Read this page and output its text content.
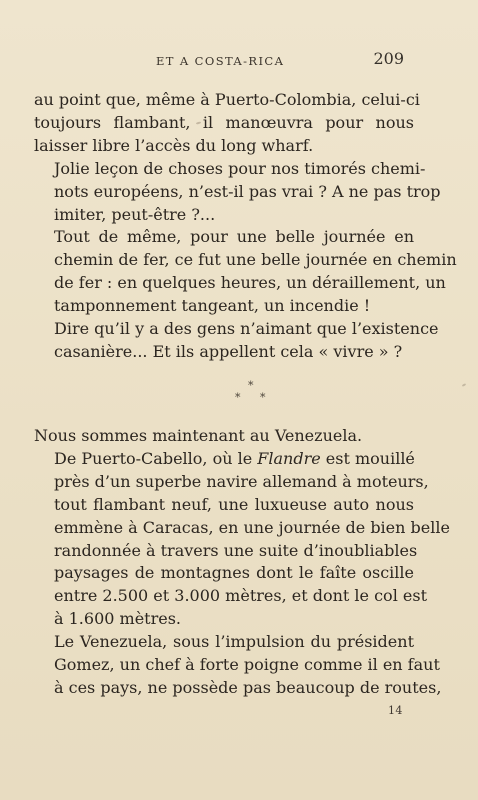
ET A COSTA-RICA	209

au point que, même à Puerto-Colombia, celui-ci
toujours flambant, il manœuvra pour nous
laisser libre l’accès du long wharf.

Jolie leçon de choses pour nos timorés chemi-
nots européens, n’est-il pas vrai ? A ne pas trop
imiter, peut-être ?...

Tout de même, pour une belle journée en
chemin de fer, ce fut une belle journée en chemin
de fer : en quelques heures, un déraillement, un
tamponnement tangeant, un incendie !

Dire qu’il y a des gens n’aimant que l’existence
casanière... Et ils appellent cela « vivre » ?

*
* *

Nous sommes maintenant au Venezuela.

De Puerto-Cabello, où le Flandre est mouillé
près d’un superbe navire allemand à moteurs,
tout flambant neuf, une luxueuse auto nous
emmène à Caracas, en une journée de bien belle
randonnée à travers une suite d’inoubliables
paysages de montagnes dont le faîte oscille
entre 2.500 et 3.000 mètres, et dont le col est
à 1.600 mètres.

Le Venezuela, sous l’impulsion du président
Gomez, un chef à forte poigne comme il en faut
à ces pays, ne possède pas beaucoup de routes,

14
